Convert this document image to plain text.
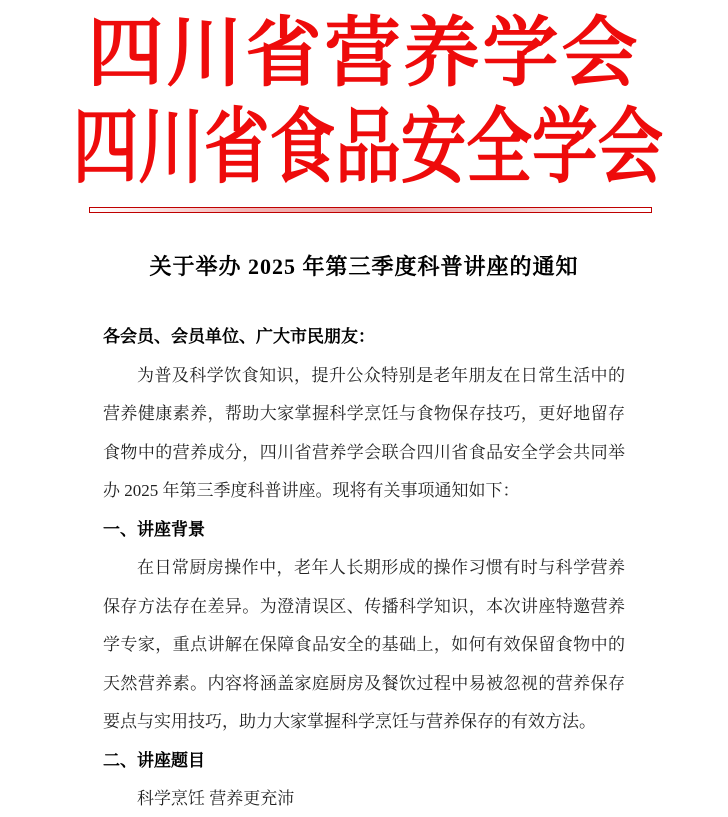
四川省营养学会
四川省食品安全学会
关于举办 2025 年第三季度科普讲座的通知
各会员、会员单位、广大市民朋友：
为普及科学饮食知识，提升公众特别是老年朋友在日常生活中的
营养健康素养，帮助大家掌握科学烹饪与食物保存技巧，更好地留存
食物中的营养成分，四川省营养学会联合四川省食品安全学会共同举
办 2025 年第三季度科普讲座。现将有关事项通知如下：
一、讲座背景
在日常厨房操作中，老年人长期形成的操作习惯有时与科学营养
保存方法存在差异。为澄清误区、传播科学知识，本次讲座特邀营养
学专家，重点讲解在保障食品安全的基础上，如何有效保留食物中的
天然营养素。内容将涵盖家庭厨房及餐饮过程中易被忽视的营养保存
要点与实用技巧，助力大家掌握科学烹饪与营养保存的有效方法。
二、讲座题目
科学烹饪 营养更充沛
